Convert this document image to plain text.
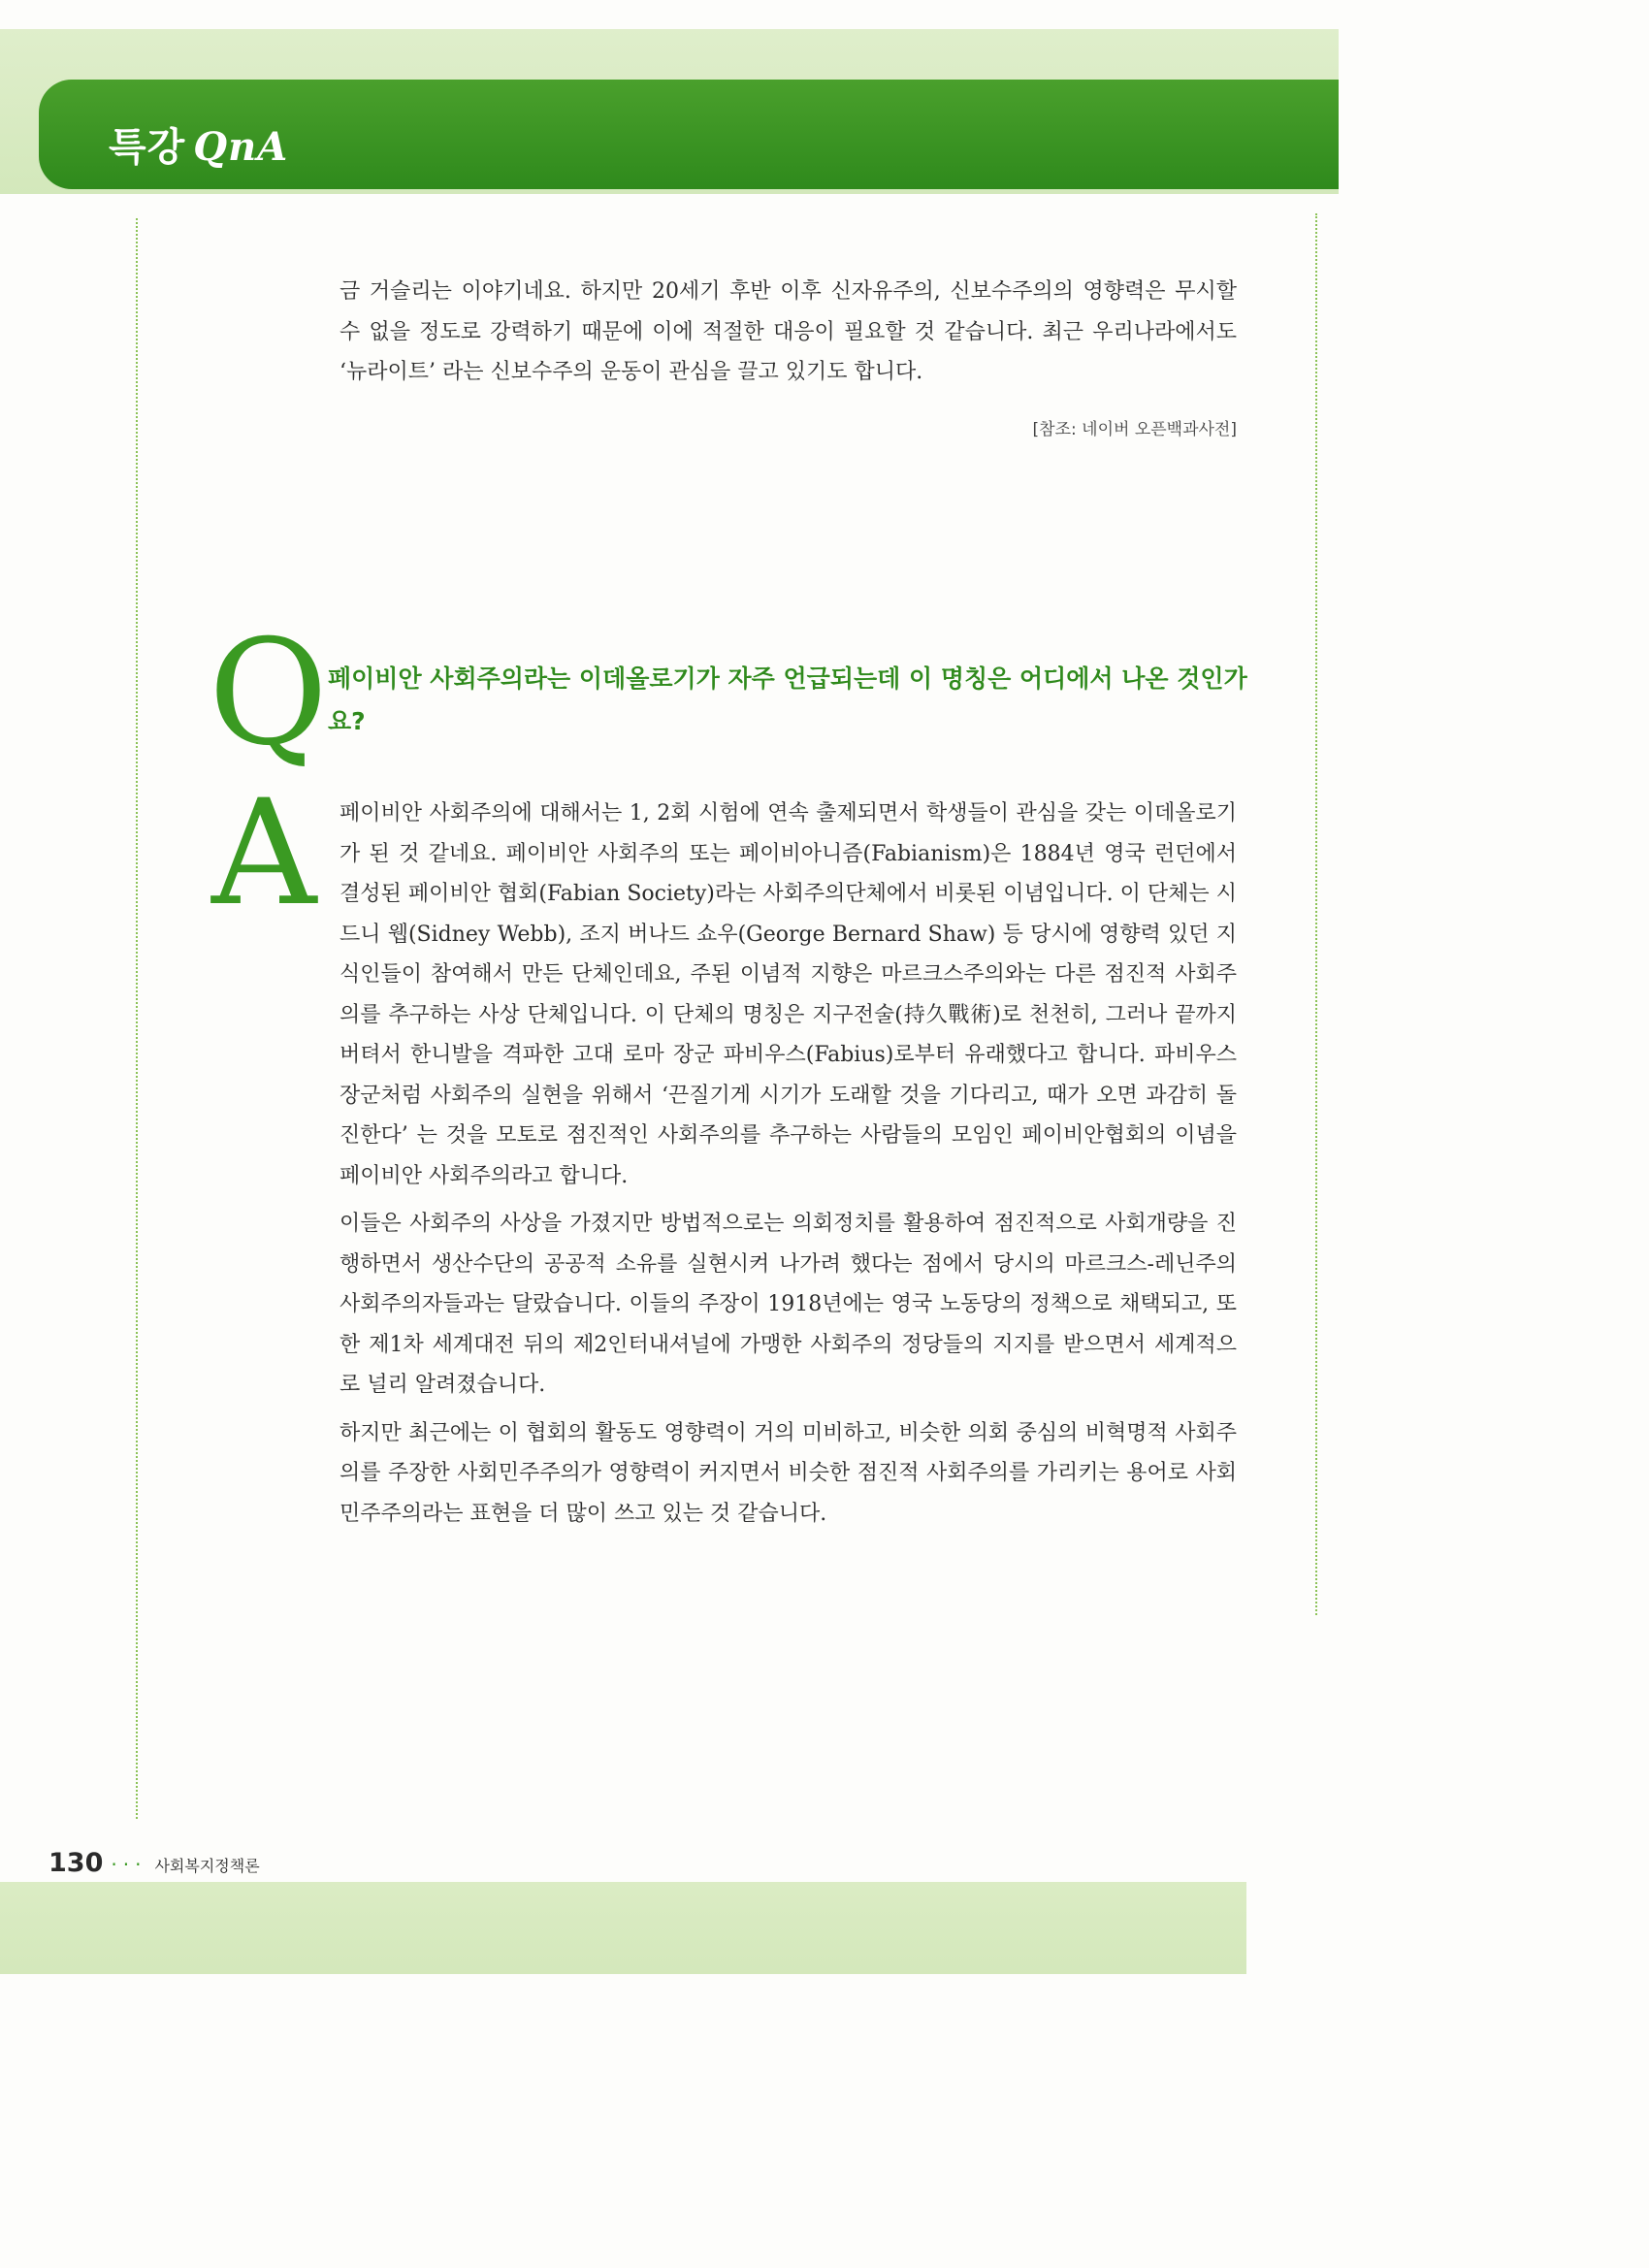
특강 QnA
금 거슬리는 이야기네요. 하지만 20세기 후반 이후 신자유주의, 신보수주의의 영향력은 무시할 수 없을 정도로 강력하기 때문에 이에 적절한 대응이 필요할 것 같습니다. 최근 우리나라에서도 ‘뉴라이트’ 라는 신보수주의 운동이 관심을 끌고 있기도 합니다.
[참조: 네이버 오픈백과사전]
Q 페이비안 사회주의라는 이데올로기가 자주 언급되는데 이 명칭은 어디에서 나온 것인가요?
A 페이비안 사회주의에 대해서는 1, 2회 시험에 연속 출제되면서 학생들이 관심을 갖는 이데올로기가 된 것 같네요. 페이비안 사회주의 또는 페이비아니즘(Fabianism)은 1884년 영국 런던에서 결성된 페이비안 협회(Fabian Society)라는 사회주의단체에서 비롯된 이념입니다. 이 단체는 시드니 웹(Sidney Webb), 조지 버나드 쇼우(George Bernard Shaw) 등 당시에 영향력 있던 지식인들이 참여해서 만든 단체인데요, 주된 이념적 지향은 마르크스주의와는 다른 점진적 사회주의를 추구하는 사상 단체입니다. 이 단체의 명칭은 지구전술(持久戰術)로 천천히, 그러나 끝까지 버텨서 한니발을 격파한 고대 로마 장군 파비우스(Fabius)로부터 유래했다고 합니다. 파비우스 장군처럼 사회주의 실현을 위해서 ‘끈질기게 시기가 도래할 것을 기다리고, 때가 오면 과감히 돌진한다’ 는 것을 모토로 점진적인 사회주의를 추구하는 사람들의 모임인 페이비안협회의 이념을 페이비안 사회주의라고 합니다.

이들은 사회주의 사상을 가졌지만 방법적으로는 의회정치를 활용하여 점진적으로 사회개량을 진행하면서 생산수단의 공공적 소유를 실현시켜 나가려 했다는 점에서 당시의 마르크스-레닌주의 사회주의자들과는 달랐습니다. 이들의 주장이 1918년에는 영국 노동당의 정책으로 채택되고, 또한 제1차 세계대전 뒤의 제2인터내셔널에 가맹한 사회주의 정당들의 지지를 받으면서 세계적으로 널리 알려졌습니다.

하지만 최근에는 이 협회의 활동도 영향력이 거의 미비하고, 비슷한 의회 중심의 비혁명적 사회주의를 주장한 사회민주주의가 영향력이 커지면서 비슷한 점진적 사회주의를 가리키는 용어로 사회민주주의라는 표현을 더 많이 쓰고 있는 것 같습니다.

130 ··· 사회복지정책론
